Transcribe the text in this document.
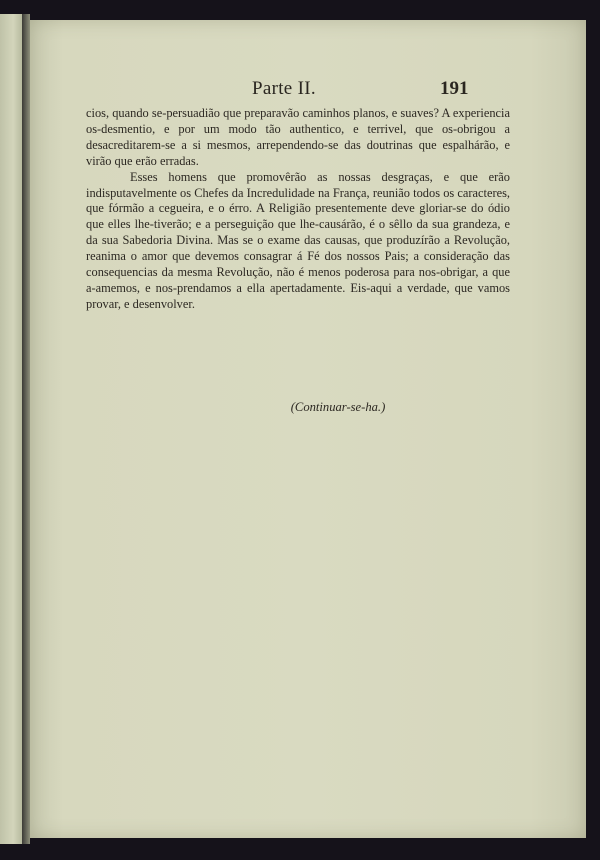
Parte II.	191

cios, quando se-persuadião que preparavão caminhos planos, e suaves? A experiencia os-desmentio, e por um modo tão authentico, e terrivel, que os-obrigou a desacreditarem-se a si mesmos, arrependendo-se das doutrinas que espalhárão, e virão que erão erradas.

Esses homens que promovêrão as nossas desgraças, e que erão indisputavelmente os Chefes da Incredulidade na França, reunião todos os caracteres, que fórmão a cegueira, e o érro. A Religião presentemente deve gloriar-se do ódio que elles lhe-tiverão; e a perseguição que lhe-causárão, é o sêllo da sua grandeza, e da sua Sabedoria Divina. Mas se o exame das causas, que produzírão a Revolução, reanima o amor que devemos consagrar á Fé dos nossos Pais; a consideração das consequencias da mesma Revolução, não é menos poderosa para nos-obrigar, a que a-amemos, e nos-prendamos a ella apertadamente. Eis-aqui a verdade, que vamos provar, e desenvolver.

(Continuar-se-ha.)
